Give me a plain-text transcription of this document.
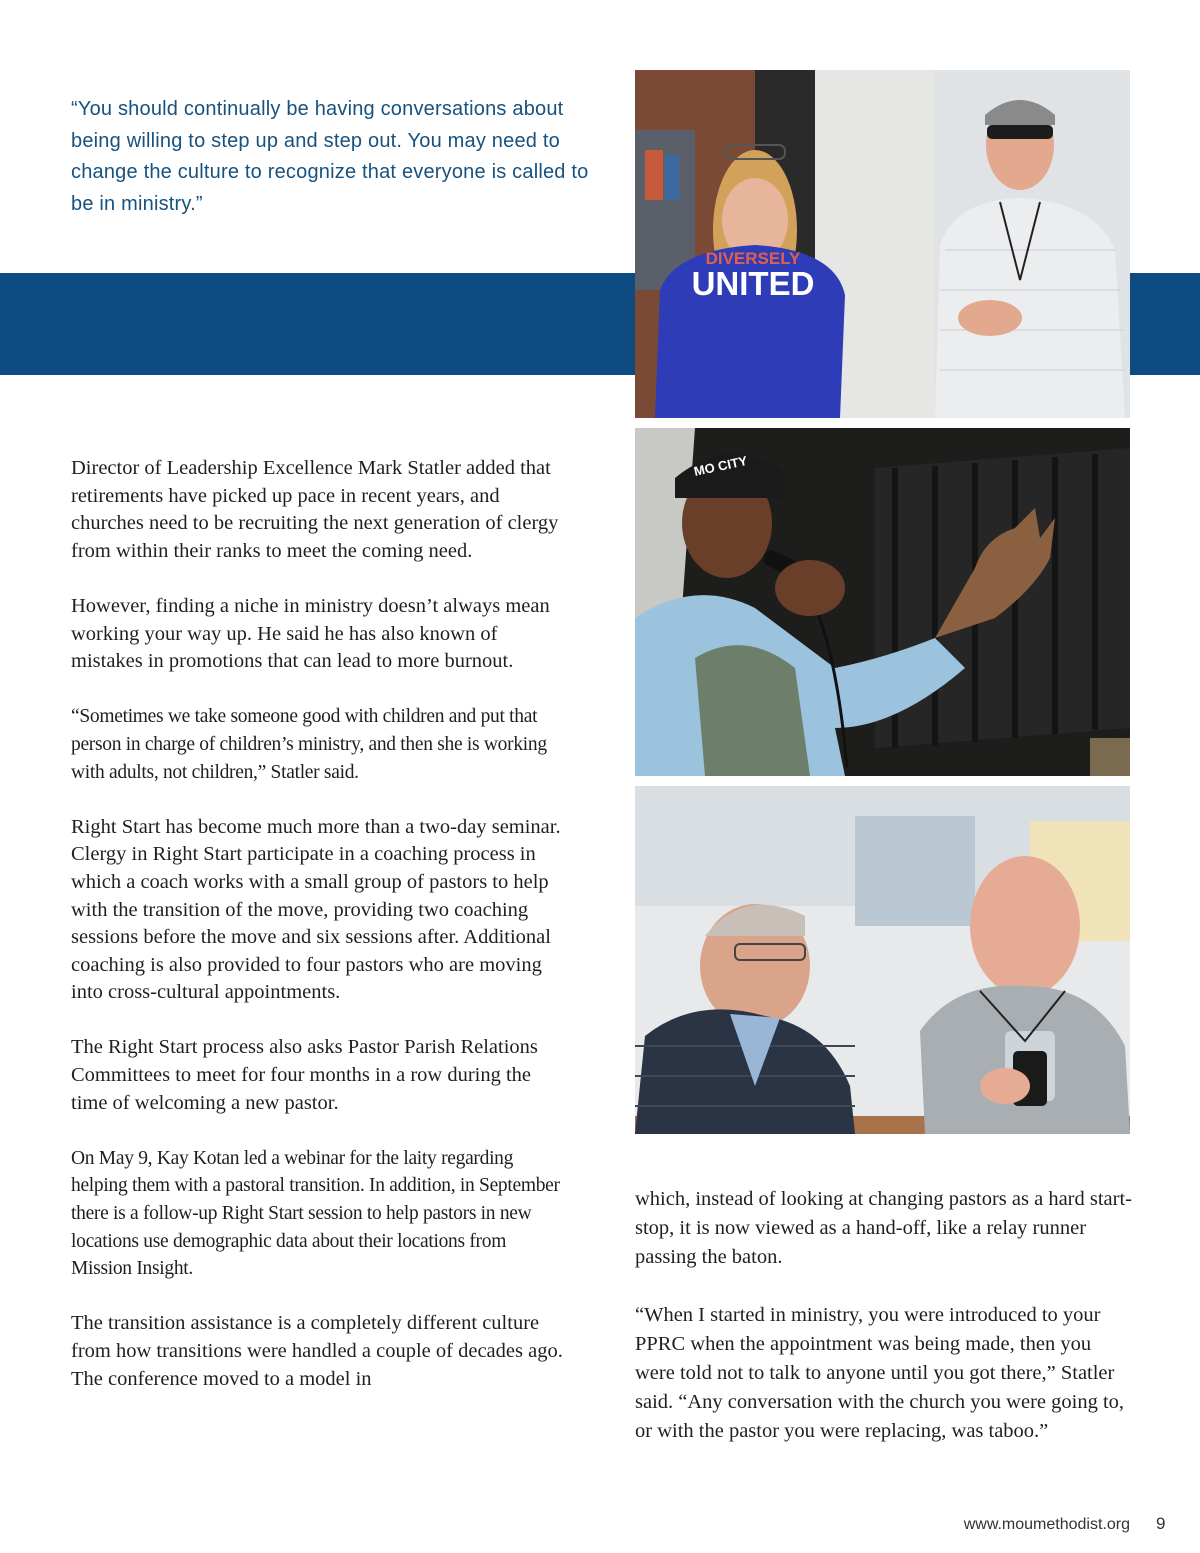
“You should continually be having conversations about being willing to step up and step out. You may need to change the culture to recognize that everyone is called to be in ministry.”

DIVERSELY
UNITED
MO CITY

Director of Leadership Excellence Mark Statler added that retirements have picked up pace in recent years, and churches need to be recruiting the next generation of clergy from within their ranks to meet the coming need.

However, finding a niche in ministry doesn’t always mean working your way up. He said he has also known of mistakes in promotions that can lead to more burnout.

“Sometimes we take someone good with children and put that person in charge of children’s ministry, and then she is working with adults, not children,” Statler said.

Right Start has become much more than a two-day seminar. Clergy in Right Start participate in a coaching process in which a coach works with a small group of pastors to help with the transition of the move, providing two coaching sessions before the move and six sessions after. Additional coaching is also provided to four pastors who are moving into cross-cultural appointments.

The Right Start process also asks Pastor Parish Relations Committees to meet for four months in a row during the time of welcoming a new pastor.

On May 9, Kay Kotan led a webinar for the laity regarding helping them with a pastoral transition. In addition, in September there is a follow-up Right Start session to help pastors in new locations use demographic data about their locations from Mission Insight.

The transition assistance is a completely different culture from how transitions were handled a couple of decades ago. The conference moved to a model in

which, instead of looking at changing pastors as a hard start-stop, it is now viewed as a hand-off, like a relay runner passing the baton.

“When I started in ministry, you were introduced to your PPRC when the appointment was being made, then you were told not to talk to anyone until you got there,” Statler said. “Any conversation with the church you were going to, or with the pastor you were replacing, was taboo.”

www.moumethodist.org 9
